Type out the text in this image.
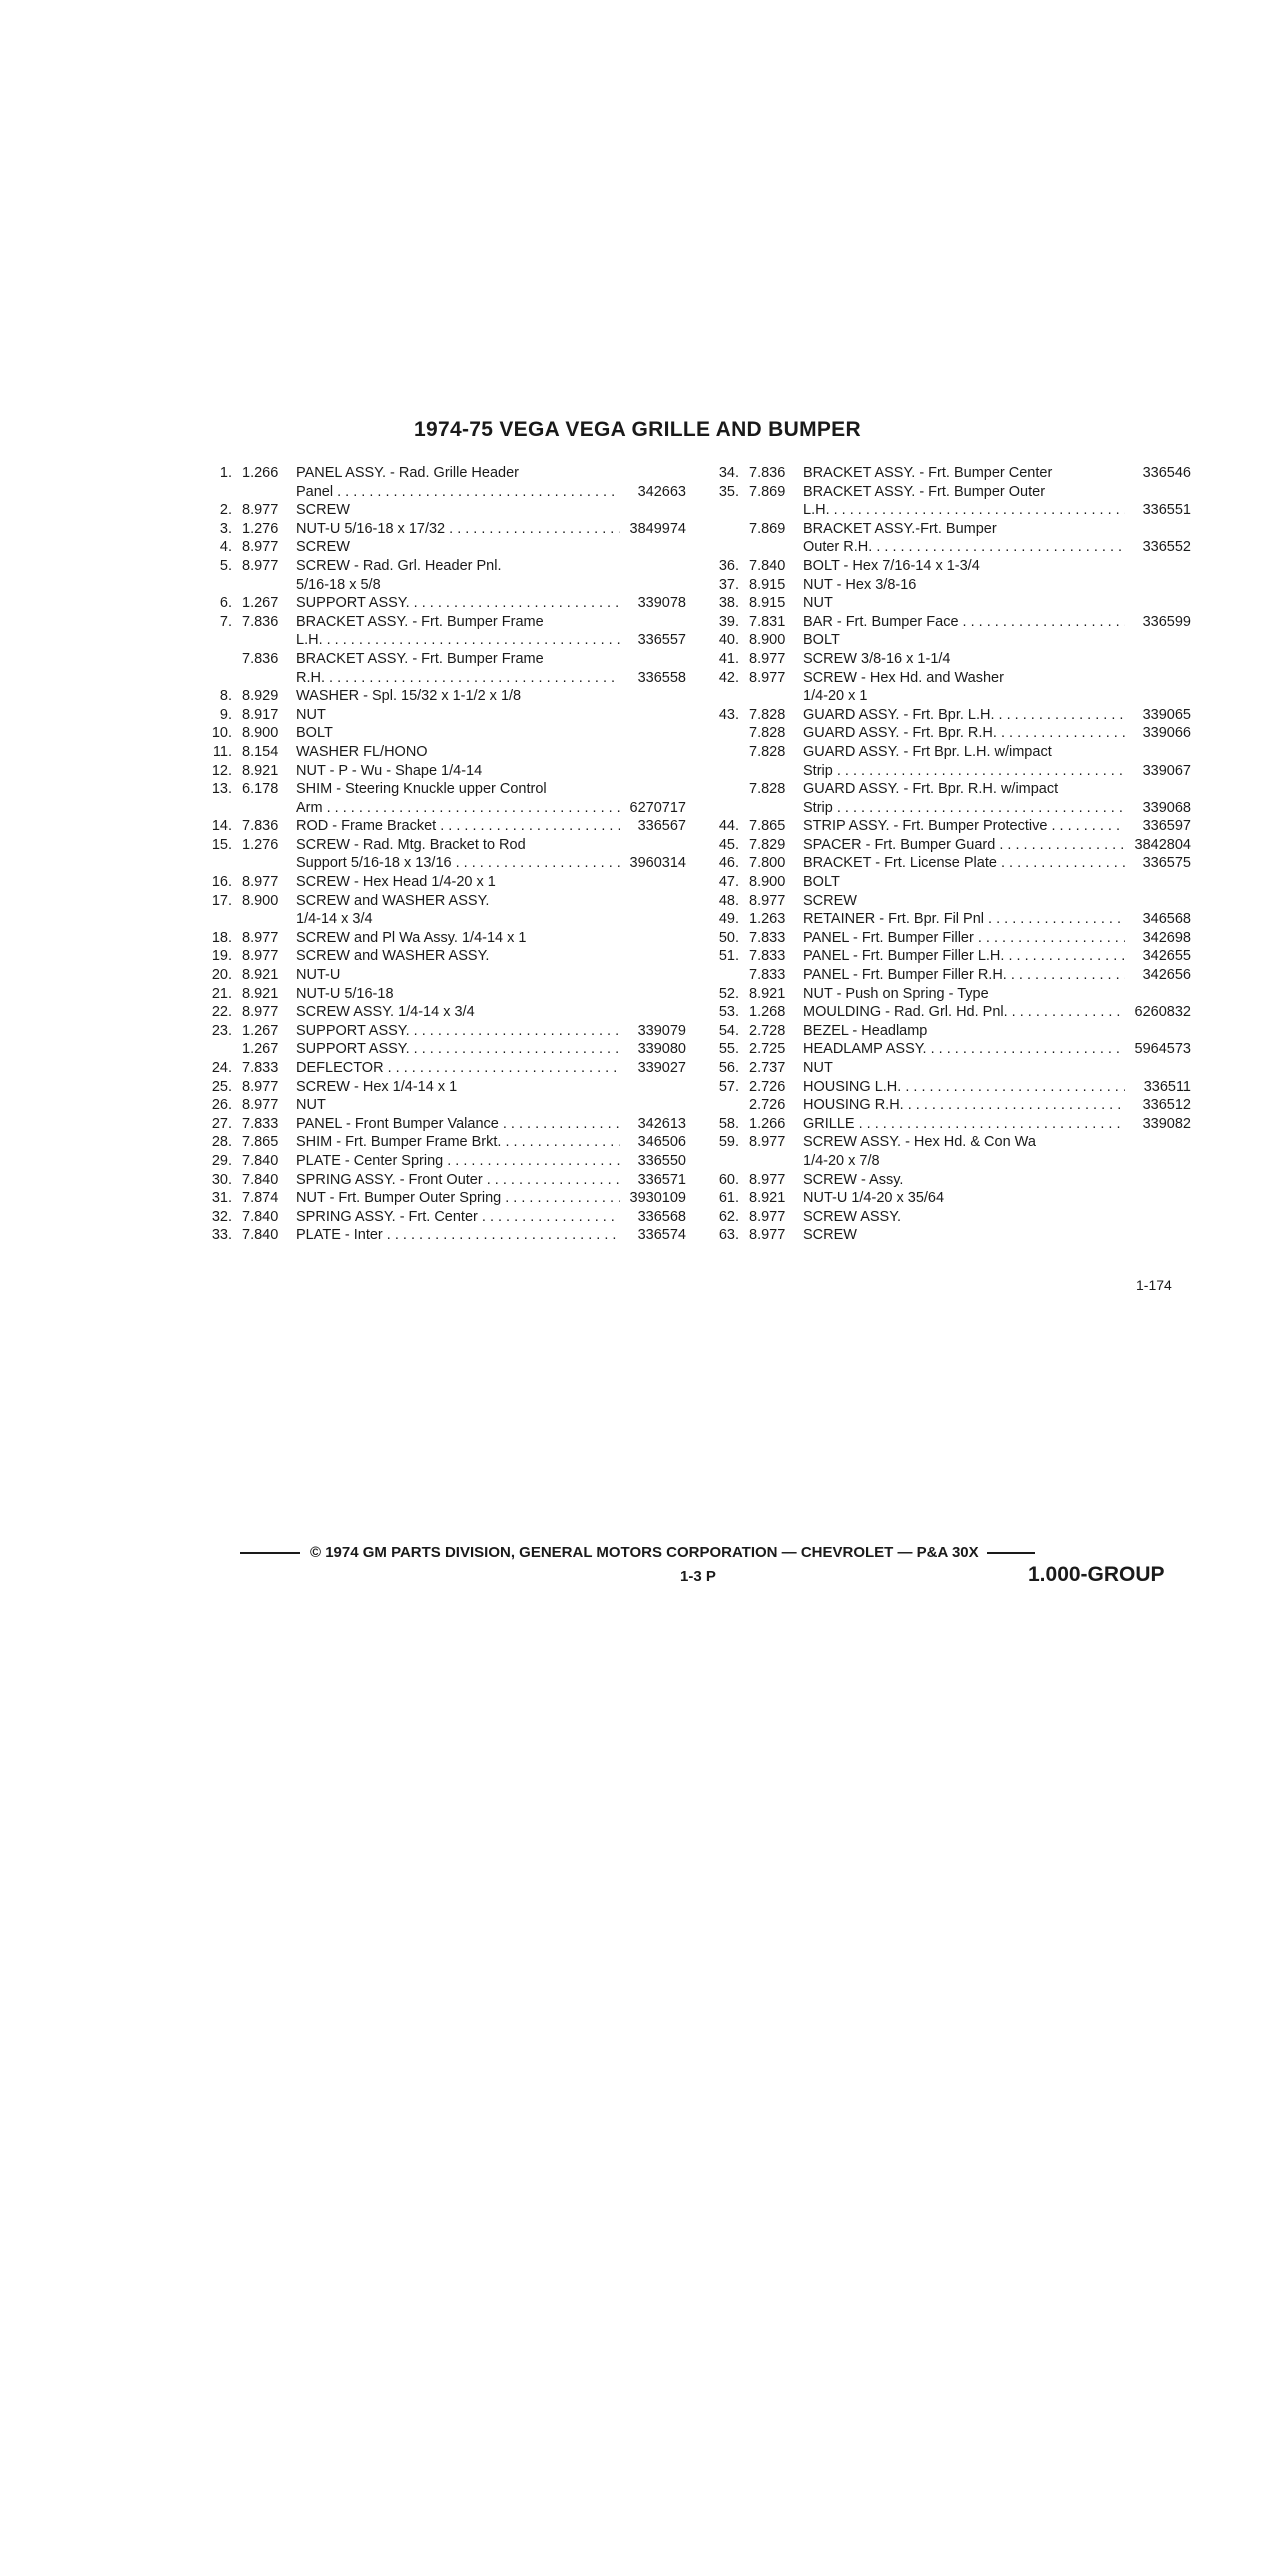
1974-75 VEGA VEGA GRILLE AND BUMPER
1. 1.266	PANEL ASSY. - Rad. Grille Header
Panel . . .	342663
2. 8.977	SCREW
3. 1.276	NUT-U 5/16-18 x 17/32 . . .	3849974
4. 8.977	SCREW
5. 8.977	SCREW - Rad. Grl. Header Pnl.
5/16-18 x 5/8
6. 1.267	SUPPORT ASSY. . . .	339078
7. 7.836	BRACKET ASSY. - Frt. Bumper Frame
L.H. . . .	336557
7.836	BRACKET ASSY. - Frt. Bumper Frame
R.H. . . .	336558
8. 8.929	WASHER - Spl. 15/32 x 1-1/2 x 1/8
9. 8.917	NUT
10. 8.900	BOLT
11. 8.154	WASHER FL/HONO
12. 8.921	NUT - P - Wu - Shape 1/4-14
13. 6.178	SHIM - Steering Knuckle upper Control
Arm . . .	6270717
14. 7.836	ROD - Frame Bracket . . .	336567
15. 1.276	SCREW - Rad. Mtg. Bracket to Rod
Support 5/16-18 x 13/16 . . .	3960314
16. 8.977	SCREW - Hex Head 1/4-20 x 1
17. 8.900	SCREW and WASHER ASSY.
1/4-14 x 3/4
18. 8.977	SCREW and Pl Wa Assy. 1/4-14 x 1
19. 8.977	SCREW and WASHER ASSY.
20. 8.921	NUT-U
21. 8.921	NUT-U 5/16-18
22. 8.977	SCREW ASSY. 1/4-14 x 3/4
23. 1.267	SUPPORT ASSY. . . .	339079
1.267	SUPPORT ASSY. . . .	339080
24. 7.833	DEFLECTOR . . .	339027
25. 8.977	SCREW - Hex 1/4-14 x 1
26. 8.977	NUT
27. 7.833	PANEL - Front Bumper Valance . . .	342613
28. 7.865	SHIM - Frt. Bumper Frame Brkt. . . .	346506
29. 7.840	PLATE - Center Spring . . .	336550
30. 7.840	SPRING ASSY. - Front Outer . . .	336571
31. 7.874	NUT - Frt. Bumper Outer Spring . . .	3930109
32. 7.840	SPRING ASSY. - Frt. Center . . .	336568
33. 7.840	PLATE - Inter . . .	336574
34. 7.836	BRACKET ASSY. - Frt. Bumper Center	336546
35. 7.869	BRACKET ASSY. - Frt. Bumper Outer
L.H. . . .	336551
7.869	BRACKET ASSY.-Frt. Bumper
Outer R.H. . . .	336552
36. 7.840	BOLT - Hex 7/16-14 x 1-3/4
37. 8.915	NUT - Hex 3/8-16
38. 8.915	NUT
39. 7.831	BAR - Frt. Bumper Face . . .	336599
40. 8.900	BOLT
41. 8.977	SCREW 3/8-16 x 1-1/4
42. 8.977	SCREW - Hex Hd. and Washer
1/4-20 x 1
43. 7.828	GUARD ASSY. - Frt. Bpr. L.H. . . .	339065
7.828	GUARD ASSY. - Frt. Bpr. R.H. . . .	339066
7.828	GUARD ASSY. - Frt Bpr. L.H. w/impact
Strip . . .	339067
7.828	GUARD ASSY. - Frt. Bpr. R.H. w/impact
Strip . . .	339068
44. 7.865	STRIP ASSY. - Frt. Bumper Protective . . .	336597
45. 7.829	SPACER - Frt. Bumper Guard . . .	3842804
46. 7.800	BRACKET - Frt. License Plate . . .	336575
47. 8.900	BOLT
48. 8.977	SCREW
49. 1.263	RETAINER - Frt. Bpr. Fil Pnl . . .	346568
50. 7.833	PANEL - Frt. Bumper Filler . . .	342698
51. 7.833	PANEL - Frt. Bumper Filler L.H. . . .	342655
7.833	PANEL - Frt. Bumper Filler R.H. . . .	342656
52. 8.921	NUT - Push on Spring - Type
53. 1.268	MOULDING - Rad. Grl. Hd. Pnl. . . .	6260832
54. 2.728	BEZEL - Headlamp
55. 2.725	HEADLAMP ASSY. . . .	5964573
56. 2.737	NUT
57. 2.726	HOUSING L.H. . . .	336511
2.726	HOUSING R.H. . . .	336512
58. 1.266	GRILLE . . .	339082
59. 8.977	SCREW ASSY. - Hex Hd. & Con Wa
1/4-20 x 7/8
60. 8.977	SCREW - Assy.
61. 8.921	NUT-U 1/4-20 x 35/64
62. 8.977	SCREW ASSY.
63. 8.977	SCREW
1-174
© 1974 GM PARTS DIVISION, GENERAL MOTORS CORPORATION — CHEVROLET — P&A 30X
1-3 P	1.000-GROUP
